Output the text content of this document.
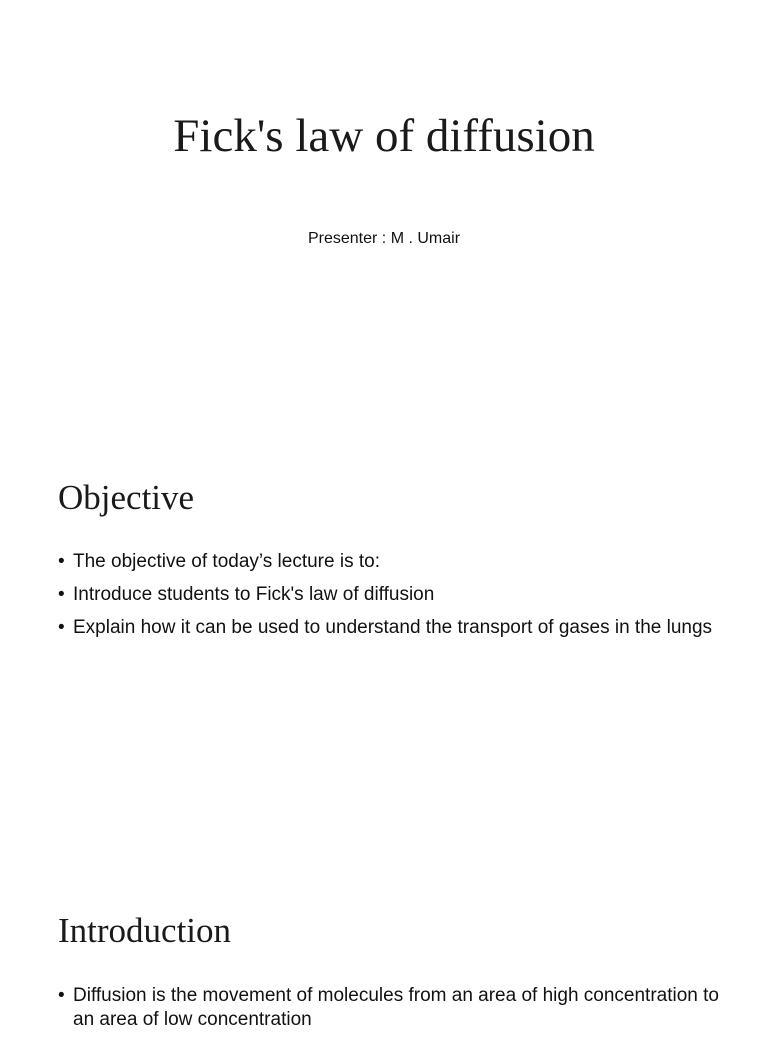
Fick's law of diffusion
Presenter : M . Umair
Objective
• The objective of today’s lecture is to:
• Introduce students to Fick's law of diffusion
• Explain how it can be used to understand the transport of gases in the lungs
Introduction
• Diffusion is the movement of molecules from an area of high concentration to an area of low concentration
